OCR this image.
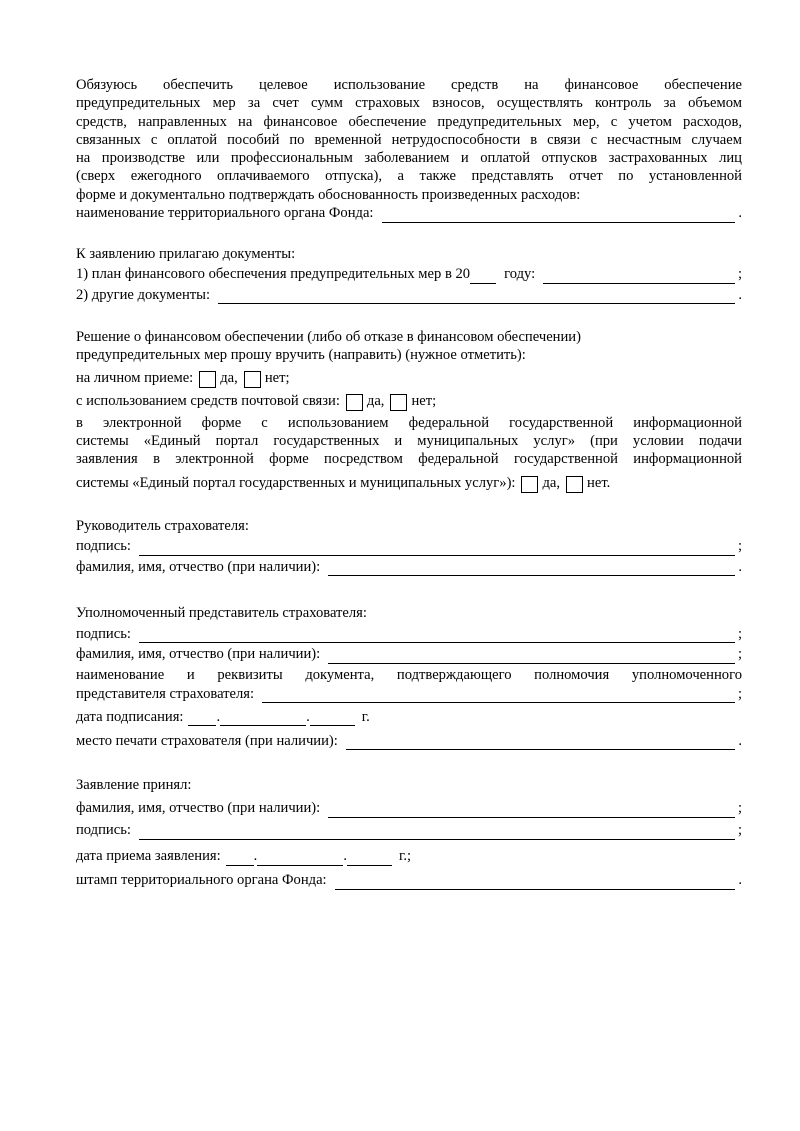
Обязуюсь обеспечить целевое использование средств на финансовое обеспечение
предупредительных мер за счет сумм страховых взносов, осуществлять контроль за объемом
средств, направленных на финансовое обеспечение предупредительных мер, с учетом расходов,
связанных с оплатой пособий по временной нетрудоспособности в связи с несчастным случаем
на производстве или профессиональным заболеванием и оплатой отпусков застрахованных лиц
(сверх ежегодного оплачиваемого отпуска), а также представлять отчет по установленной
форме и документально подтверждать обоснованность произведенных расходов:
наименование территориального органа Фонда:	.
К заявлению прилагаю документы:
1) план финансового обеспечения предупредительных мер в 20 году:	;
2) другие документы:	.
Решение о финансовом обеспечении (либо об отказе в финансовом обеспечении)
предупредительных мер прошу вручить (направить) (нужное отметить):
на личном приеме: да, нет;
с использованием средств почтовой связи: да, нет;
в электронной форме с использованием федеральной государственной информационной
системы «Единый портал государственных и муниципальных услуг» (при условии подачи
заявления в электронной форме посредством федеральной государственной информационной
системы «Единый портал государственных и муниципальных услуг»): да, нет.
Руководитель страхователя:
подпись:	;
фамилия, имя, отчество (при наличии):	.
Уполномоченный представитель страхователя:
подпись:	;
фамилия, имя, отчество (при наличии):	;
наименование и реквизиты документа, подтверждающего полномочия уполномоченного
представителя страхователя:	;
дата подписания: .	.	г.
место печати страхователя (при наличии):	.
Заявление принял:
фамилия, имя, отчество (при наличии):	;
подпись:	;
дата приема заявления: .	.	г.;
штамп территориального органа Фонда:	.
